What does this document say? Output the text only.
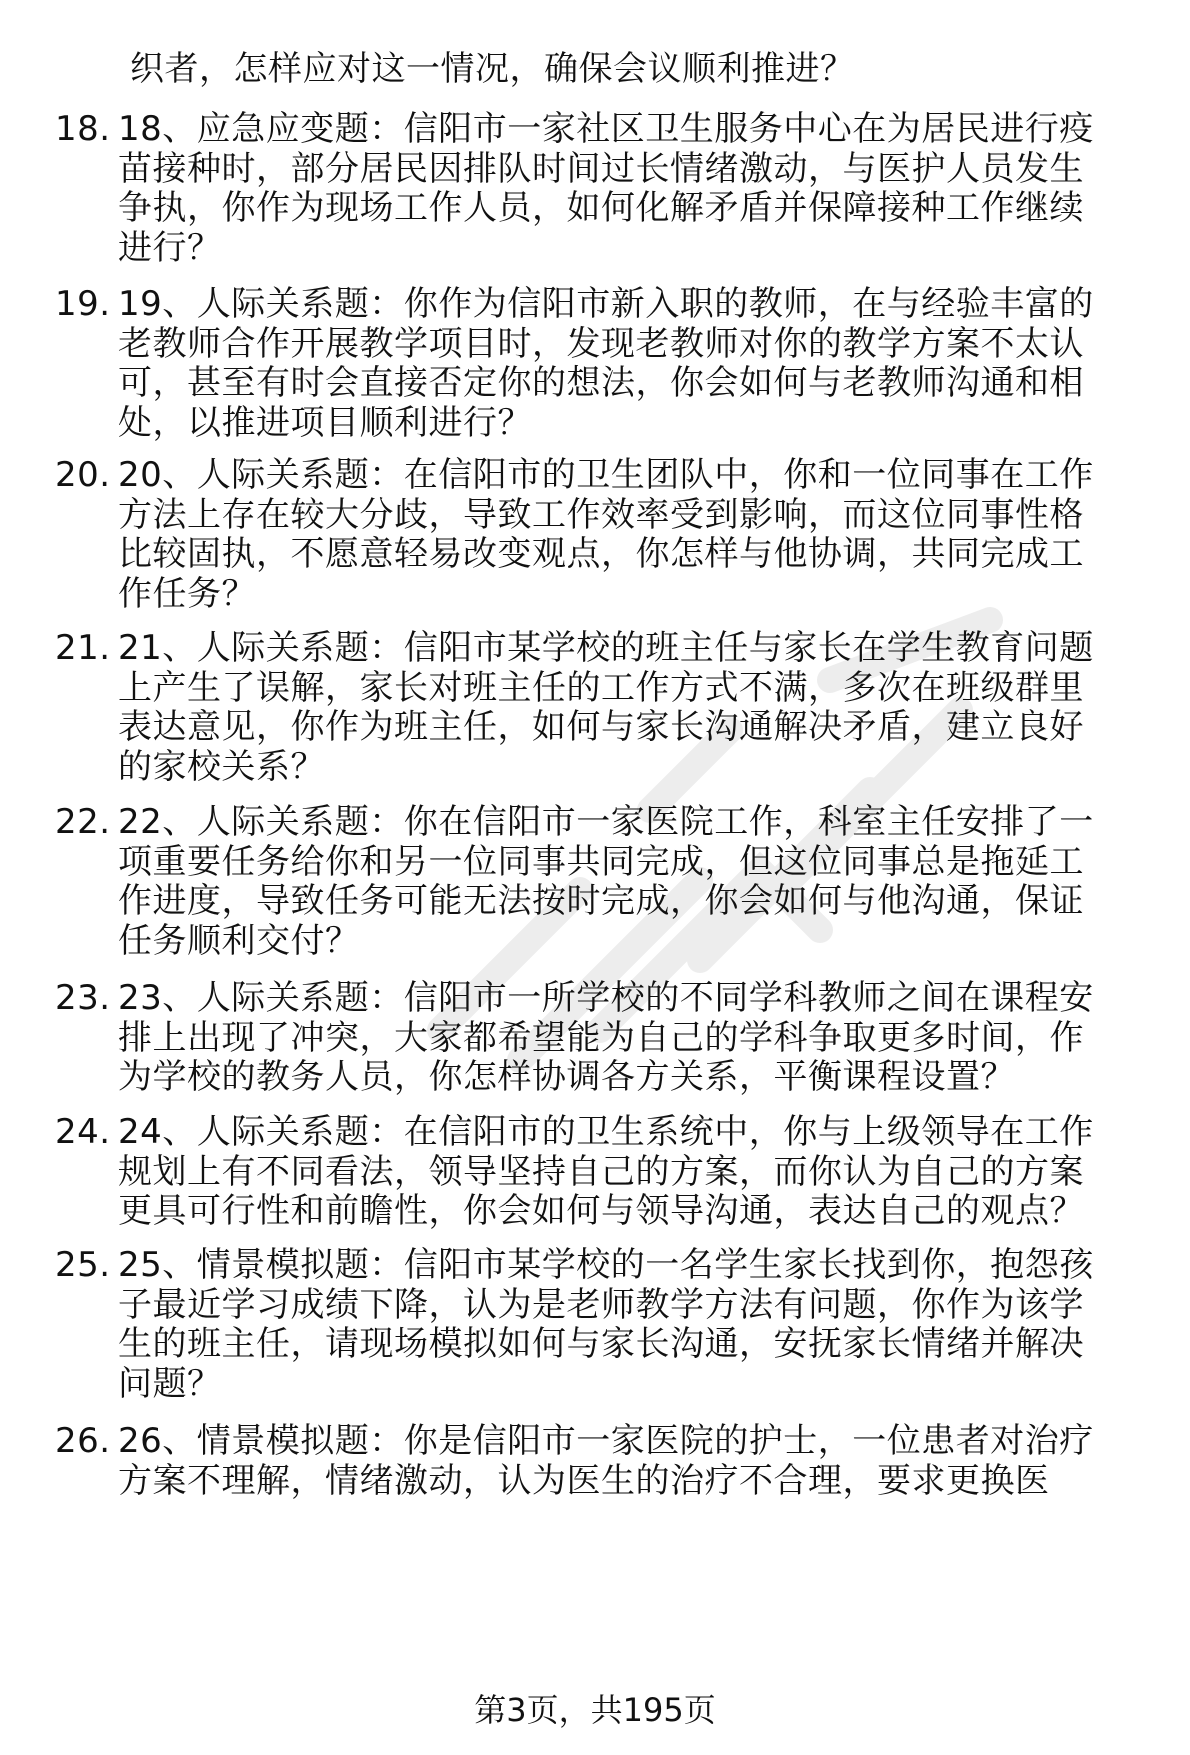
织者，怎样应对这一情况，确保会议顺利推进？
18. 18、应急应变题：信阳市一家社区卫生服务中心在为居民进行疫
苗接种时，部分居民因排队时间过长情绪激动，与医护人员发生
争执，你作为现场工作人员，如何化解矛盾并保障接种工作继续
进行？
19. 19、人际关系题：你作为信阳市新入职的教师，在与经验丰富的
老教师合作开展教学项目时，发现老教师对你的教学方案不太认
可，甚至有时会直接否定你的想法，你会如何与老教师沟通和相
处，以推进项目顺利进行？
20. 20、人际关系题：在信阳市的卫生团队中，你和一位同事在工作
方法上存在较大分歧，导致工作效率受到影响，而这位同事性格
比较固执，不愿意轻易改变观点，你怎样与他协调，共同完成工
作任务？
21. 21、人际关系题：信阳市某学校的班主任与家长在学生教育问题
上产生了误解，家长对班主任的工作方式不满，多次在班级群里
表达意见，你作为班主任，如何与家长沟通解决矛盾，建立良好
的家校关系？
22. 22、人际关系题：你在信阳市一家医院工作，科室主任安排了一
项重要任务给你和另一位同事共同完成，但这位同事总是拖延工
作进度，导致任务可能无法按时完成，你会如何与他沟通，保证
任务顺利交付？
23. 23、人际关系题：信阳市一所学校的不同学科教师之间在课程安
排上出现了冲突，大家都希望能为自己的学科争取更多时间，作
为学校的教务人员，你怎样协调各方关系，平衡课程设置？
24. 24、人际关系题：在信阳市的卫生系统中，你与上级领导在工作
规划上有不同看法，领导坚持自己的方案，而你认为自己的方案
更具可行性和前瞻性，你会如何与领导沟通，表达自己的观点？
25. 25、情景模拟题：信阳市某学校的一名学生家长找到你，抱怨孩
子最近学习成绩下降，认为是老师教学方法有问题，你作为该学
生的班主任，请现场模拟如何与家长沟通，安抚家长情绪并解决
问题？
26. 26、情景模拟题：你是信阳市一家医院的护士，一位患者对治疗
方案不理解，情绪激动，认为医生的治疗不合理，要求更换医
第3页，共195页
